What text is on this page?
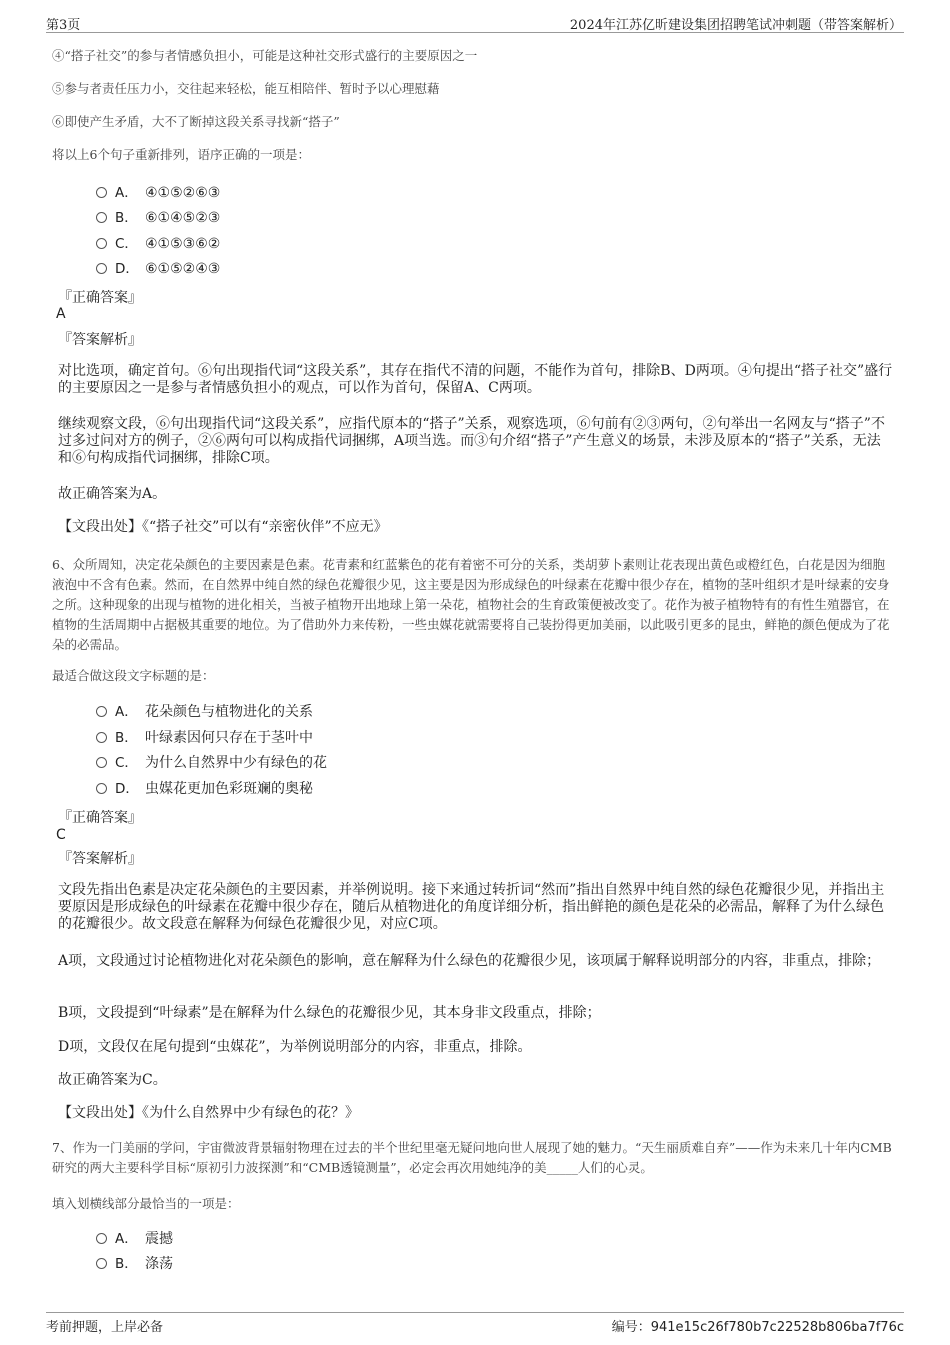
第3页	2024年江苏亿昕建设集团招聘笔试冲刺题（带答案解析）
④“搭子社交”的参与者情感负担小，可能是这种社交形式盛行的主要原因之一
⑤参与者责任压力小，交往起来轻松，能互相陪伴、暂时予以心理慰藉
⑥即使产生矛盾，大不了断掉这段关系寻找新“搭子”
将以上6个句子重新排列，语序正确的一项是：
A． ④①⑤②⑥③
B． ⑥①④⑤②③
C． ④①⑤③⑥②
D． ⑥①⑤②④③
『正确答案』
A
『答案解析』
对比选项，确定首句。⑥句出现指代词“这段关系”，其存在指代不清的问题，不能作为首句，排除B、D两项。④句提出“搭子社交”盛行的主要原因之一是参与者情感负担小的观点，可以作为首句，保留A、C两项。
继续观察文段，⑥句出现指代词“这段关系”，应指代原本的“搭子”关系，观察选项，⑥句前有②③两句，②句举出一名网友与“搭子”不过多过问对方的例子，②⑥两句可以构成指代词捆绑，A项当选。而③句介绍“搭子”产生意义的场景，未涉及原本的“搭子”关系，无法和⑥句构成指代词捆绑，排除C项。
故正确答案为A。
【文段出处】《“搭子社交”可以有“亲密伙伴”不应无》
6、众所周知，决定花朵颜色的主要因素是色素。花青素和红蓝紫色的花有着密不可分的关系，类胡萝卜素则让花表现出黄色或橙红色，白花是因为细胞液泡中不含有色素。然而，在自然界中纯自然的绿色花瓣很少见，这主要是因为形成绿色的叶绿素在花瓣中很少存在，植物的茎叶组织才是叶绿素的安身之所。这种现象的出现与植物的进化相关，当被子植物开出地球上第一朵花，植物社会的生育政策便被改变了。花作为被子植物特有的有性生殖器官，在植物的生活周期中占据极其重要的地位。为了借助外力来传粉，一些虫媒花就需要将自己装扮得更加美丽，以此吸引更多的昆虫，鲜艳的颜色便成为了花朵的必需品。
最适合做这段文字标题的是：
A． 花朵颜色与植物进化的关系
B． 叶绿素因何只存在于茎叶中
C． 为什么自然界中少有绿色的花
D． 虫媒花更加色彩斑斓的奥秘
『正确答案』
C
『答案解析』
文段先指出色素是决定花朵颜色的主要因素，并举例说明。接下来通过转折词“然而”指出自然界中纯自然的绿色花瓣很少见，并指出主要原因是形成绿色的叶绿素在花瓣中很少存在，随后从植物进化的角度详细分析，指出鲜艳的颜色是花朵的必需品，解释了为什么绿色的花瓣很少。故文段意在解释为何绿色花瓣很少见，对应C项。
A项，文段通过讨论植物进化对花朵颜色的影响，意在解释为什么绿色的花瓣很少见，该项属于解释说明部分的内容，非重点，排除；
B项，文段提到“叶绿素”是在解释为什么绿色的花瓣很少见，其本身非文段重点，排除；
D项，文段仅在尾句提到“虫媒花”，为举例说明部分的内容，非重点，排除。
故正确答案为C。
【文段出处】《为什么自然界中少有绿色的花？》
7、作为一门美丽的学问，宇宙微波背景辐射物理在过去的半个世纪里毫无疑问地向世人展现了她的魅力。“天生丽质难自弃”——作为未来几十年内CMB研究的两大主要科学目标“原初引力波探测”和“CMB透镜测量”，必定会再次用她纯净的美_____人们的心灵。
填入划横线部分最恰当的一项是：
A． 震撼
B． 涤荡
考前押题，上岸必备	编号：941e15c26f780b7c22528b806ba7f76c
